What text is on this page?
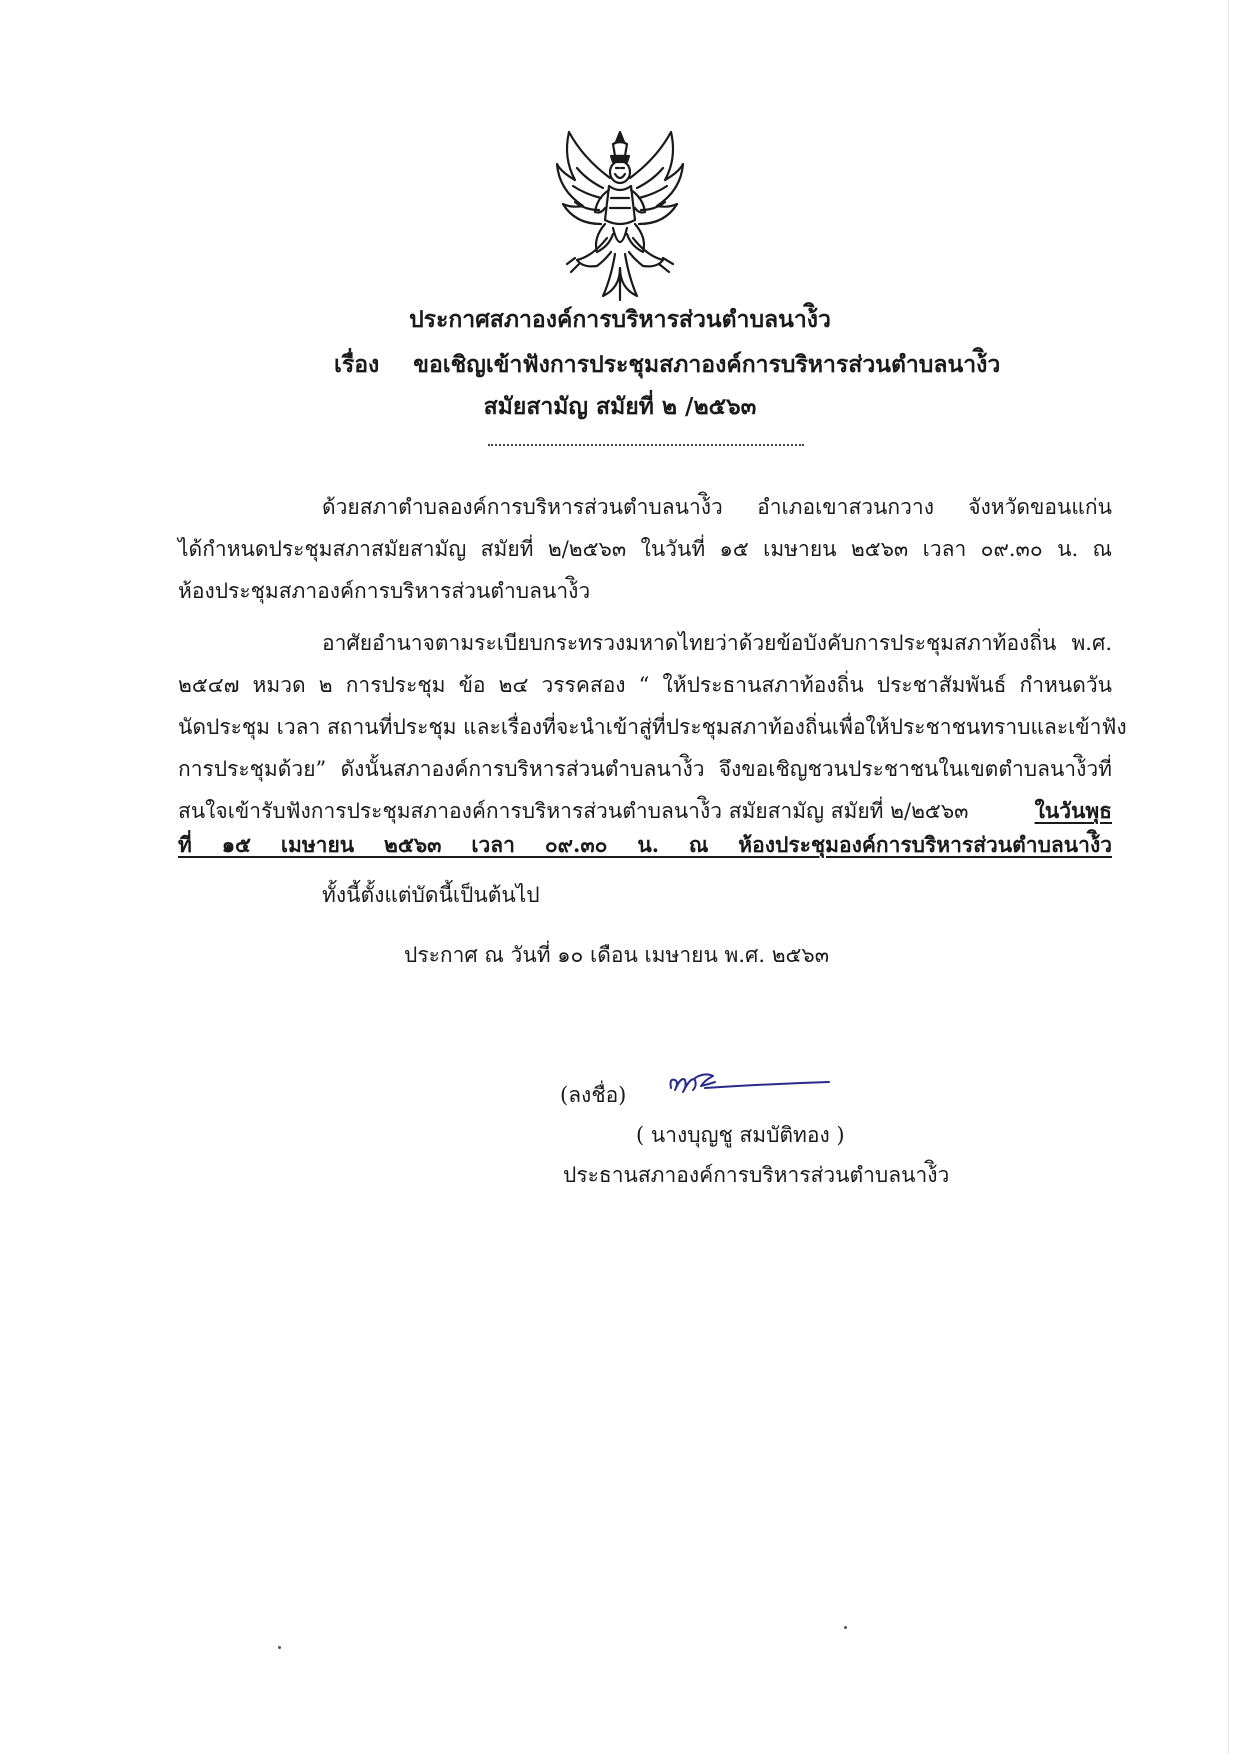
ประกาศสภาองค์การบริหารส่วนตำบลนาง้ิว
เรื่อง ขอเชิญเข้าฟังการประชุมสภาองค์การบริหารส่วนตำบลนาง้ิว
สมัยสามัญ สมัยที่ ๒ /๒๕๖๓
ด้วยสภาตำบลองค์การบริหารส่วนตำบลนาง้ิว อำเภอเขาสวนกวาง จังหวัดขอนแก่น
ได้กำหนดประชุมสภาสมัยสามัญ สมัยที่ ๒/๒๕๖๓ ในวันที่ ๑๕ เมษายน ๒๕๖๓ เวลา ๐๙.๓๐ น. ณ
ห้องประชุมสภาองค์การบริหารส่วนตำบลนาง้ิว
อาศัยอำนาจตามระเบียบกระทรวงมหาดไทยว่าด้วยข้อบังคับการประชุมสภาท้องถิ่น พ.ศ.
๒๕๔๗ หมวด ๒ การประชุม ข้อ ๒๔ วรรคสอง “ ให้ประธานสภาท้องถิ่น ประชาสัมพันธ์ กำหนดวัน
นัดประชุม เวลา สถานที่ประชุม และเรื่องที่จะนำเข้าสู่ที่ประชุมสภาท้องถิ่นเพื่อให้ประชาชนทราบและเข้าฟัง
การประชุมด้วย” ดังนั้นสภาองค์การบริหารส่วนตำบลนาง้ิว จึงขอเชิญชวนประชาชนในเขตตำบลนาง้ิวที่
สนใจเข้ารับฟังการประชุมสภาองค์การบริหารส่วนตำบลนาง้ิว สมัยสามัญ สมัยที่ ๒/๒๕๖๓	ในวันพุธ
ที่ ๑๕ เมษายน ๒๕๖๓ เวลา ๐๙.๓๐ น. ณ ห้องประชุมองค์การบริหารส่วนตำบลนาง้ิว
ทั้งนี้ตั้งแต่บัดนี้เป็นต้นไป
ประกาศ ณ วันที่ ๑๐ เดือน เมษายน พ.ศ. ๒๕๖๓
(ลงชื่อ)
( นางบุญชู สมบัติทอง )
ประธานสภาองค์การบริหารส่วนตำบลนาง้ิว
